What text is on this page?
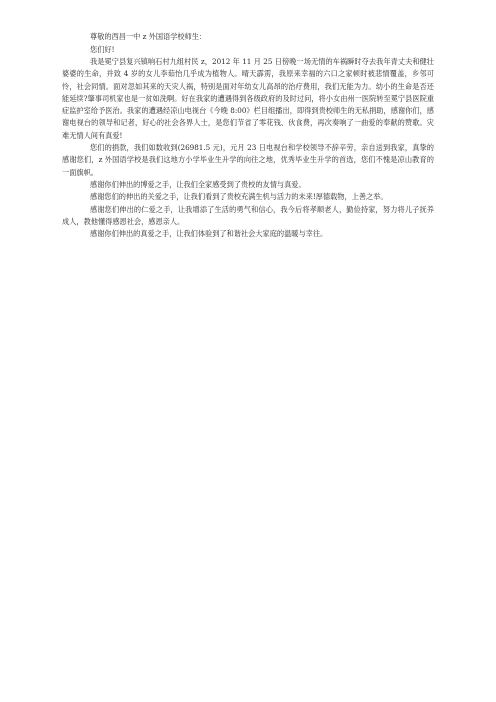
尊敬的西昌一中 z 外国语学校师生：

您们好!

我是冕宁县复兴镇响石村九组村民 z，2012 年 11 月 25 日傍晚一场无情的车祸瞬时夺去我年青丈夫和健壮婆婆的生命，并致 4 岁的女儿李茹怡几乎成为植物人。晴天霹雳，我原来幸福的六口之家顿时被悲情覆盖，乡邻可怜，社会同情。面对忽如其来的天灾人祸，特别是面对年幼女儿高昂的治疗费用，我们无能为力。幼小的生命是否还能延续?肇事司机家也是一贫如洗啊。好在我家的遭遇得到各级政府的及时过问，将小女由州一医院转至冕宁县医院重症监护室给予医治。我家的遭遇经凉山电视台《今晚 8:00》栏目组播出，即得到贵校师生的无私捐助，感谢你们，感谢电视台的领导和记者，好心的社会各界人士，是您们节省了零花钱、伙食费，再次奏响了一曲爱的奉献的赞歌。灾难无情人间有真爱!

您们的捐款，我们如数收到(26981.5 元)，元月 23 日电视台和学校领导不辞辛劳，亲自送到我家，真挚的感谢您们，z 外国语学校是我们这地方小学毕业生升学的向往之地，优秀毕业生升学的首选，您们不愧是凉山教育的一面旗帜。

感谢你们伸出的博爱之手，让我们全家感受到了贵校的友情与真爱。

感谢您们的伸出的关爱之手，让我们看到了贵校充满生机与活力的未来!厚德载物，上善之举。

感谢您们伸出的仁爱之手，让我增添了生活的勇气和信心，我今后将孝顺老人，勤俭持家，努力将儿子抚养成人，教他懂得感恩社会，感恩亲人。

感谢你们伸出的真爱之手，让我们体验到了和谐社会大家庭的温暖与幸往。
